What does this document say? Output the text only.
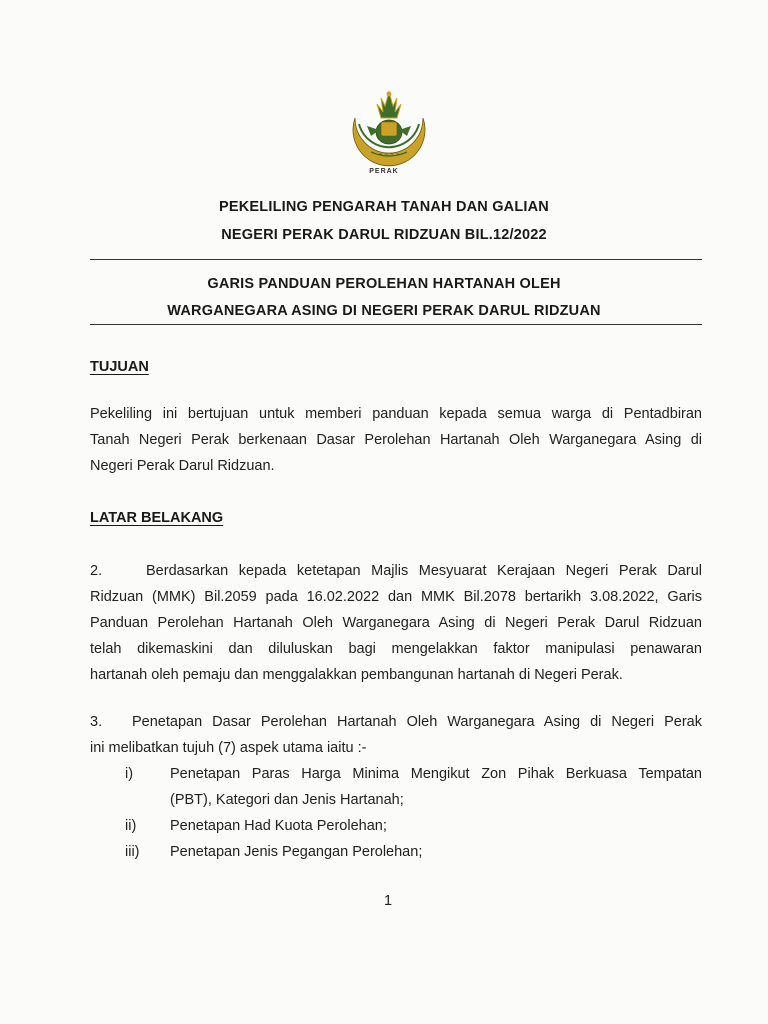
~ ~ ~ ~
PERAK
PEKELILING PENGARAH TANAH DAN GALIAN
NEGERI PERAK DARUL RIDZUAN BIL.12/2022
GARIS PANDUAN PEROLEHAN HARTANAH OLEH
WARGANEGARA ASING DI NEGERI PERAK DARUL RIDZUAN
TUJUAN
Pekeliling ini bertujuan untuk memberi panduan kepada semua warga di Pentadbiran
Tanah Negeri Perak berkenaan Dasar Perolehan Hartanah Oleh Warganegara Asing di
Negeri Perak Darul Ridzuan.
LATAR BELAKANG
2.	Berdasarkan kepada ketetapan Majlis Mesyuarat Kerajaan Negeri Perak Darul
Ridzuan (MMK) Bil.2059 pada 16.02.2022 dan MMK Bil.2078 bertarikh 3.08.2022, Garis
Panduan Perolehan Hartanah Oleh Warganegara Asing di Negeri Perak Darul Ridzuan
telah dikemaskini dan diluluskan bagi mengelakkan faktor manipulasi penawaran
hartanah oleh pemaju dan menggalakkan pembangunan hartanah di Negeri Perak.
3.	Penetapan Dasar Perolehan Hartanah Oleh Warganegara Asing di Negeri Perak
ini melibatkan tujuh (7) aspek utama iaitu :-
i)	Penetapan Paras Harga Minima Mengikut Zon Pihak Berkuasa Tempatan
(PBT), Kategori dan Jenis Hartanah;
ii)	Penetapan Had Kuota Perolehan;
iii)	Penetapan Jenis Pegangan Perolehan;
1
